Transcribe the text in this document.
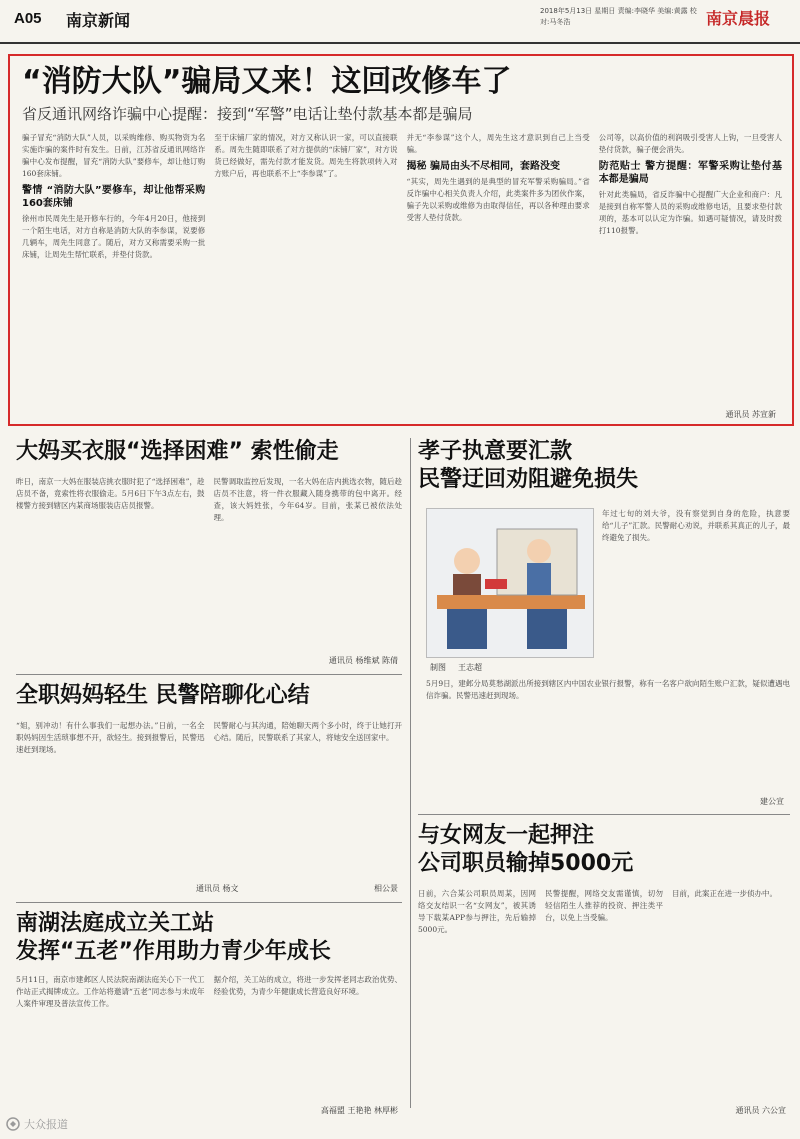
A05 南京新闻	2018年5月13日 星期日 责编:李晓华 美编:黄露 校对:马冬浩	南京晨报
“消防大队”骗局又来！这回改修车了
省反通讯网络诈骗中心提醒：接到“军警”电话让垫付款基本都是骗局

骗子冒充“消防大队”人员，以采购维修、购买物资为名实施诈骗的案件时有发生。日前，江苏省反通讯网络诈骗中心发布提醒，冒充“消防大队”要修车，却让他订购160套床铺。

警情 “消防大队”要修车，却让他帮采购160套床铺

徐州市民周先生是开修车行的，今年4月20日，他接到一个陌生电话，对方自称是消防大队的李参谋，说要修几辆车，周先生同意了。随后，对方又称需要采购一批床铺，让周先生帮忙联系，并垫付货款。

至于床铺厂家的情况，对方又称认识一家，可以直接联系。周先生随即联系了对方提供的“床铺厂家”，对方说货已经做好，需先付款才能发货。周先生将款项转入对方账户后，再也联系不上“李参谋”了。

并无“李参谋”这个人，周先生这才意识到自己上当受骗。

揭秘 骗局由头不尽相同，套路没变

“其实，周先生遇到的是典型的冒充军警采购骗局。”省反诈骗中心相关负责人介绍，此类案件多为团伙作案，骗子先以采购或维修为由取得信任，再以各种理由要求受害人垫付货款。

公司等，以高价值的利润吸引受害人上钩，一旦受害人垫付货款，骗子便会消失。

防范贴士 警方提醒：军警采购让垫付基本都是骗局

针对此类骗局，省反诈骗中心提醒广大企业和商户：凡是接到自称军警人员的采购或维修电话，且要求垫付款项的，基本可以认定为诈骗。如遇可疑情况，请及时拨打110报警。

通讯员 苏宣新
大妈买衣服“选择困难” 索性偷走
昨日，南京一大妈在服装店挑衣服时犯了“选择困难”，趁店员不备，竟索性将衣服偷走。5月6日下午3点左右，鼓楼警方接到辖区内某商场服装店店员报警。
民警调取监控后发现，一名大妈在店内挑选衣物，随后趁店员不注意，将一件衣服藏入随身携带的包中离开。经查，该大妈姓张，今年64岁。目前，张某已被依法处理。
通讯员 杨维斌 陈倩
全职妈妈轻生 民警陪聊化心结
“姐，别冲动！有什么事我们一起想办法。”日前，一名全职妈妈因生活琐事想不开，欲轻生。接到报警后，民警迅速赶到现场。
民警耐心与其沟通，陪她聊天两个多小时，终于让她打开心结。随后，民警联系了其家人，将她安全送回家中。
通讯员 杨文	相公景
南湖法庭成立关工站
发挥“五老”作用助力青少年成长
5月11日，南京市建邺区人民法院南湖法庭关心下一代工作站正式揭牌成立。工作站将邀请“五老”同志参与未成年人案件审理及普法宣传工作。
据介绍，关工站的成立，将进一步发挥老同志政治优势、经验优势，为青少年健康成长营造良好环境。
高福盟 王艳艳 林厚彬
孝子执意要汇款
民警迂回劝阻避免损失
制图 王志超
年过七旬的刘大爷，没有察觉到自身的危险，执意要给“儿子”汇款。民警耐心劝说，并联系其真正的儿子，最终避免了损失。
5月9日，建邺分局莫愁湖派出所接到辖区内中国农业银行报警，称有一名客户欲向陌生账户汇款，疑似遭遇电信诈骗。民警迅速赶到现场。
建公宣
与女网友一起押注
公司职员输掉5000元
日前，六合某公司职员周某，因网络交友结识一名“女网友”，被其诱导下载某APP参与押注，先后输掉5000元。
民警提醒，网络交友需谨慎，切勿轻信陌生人推荐的投资、押注类平台，以免上当受骗。
目前，此案正在进一步侦办中。
通讯员 六公宣
大众报道
